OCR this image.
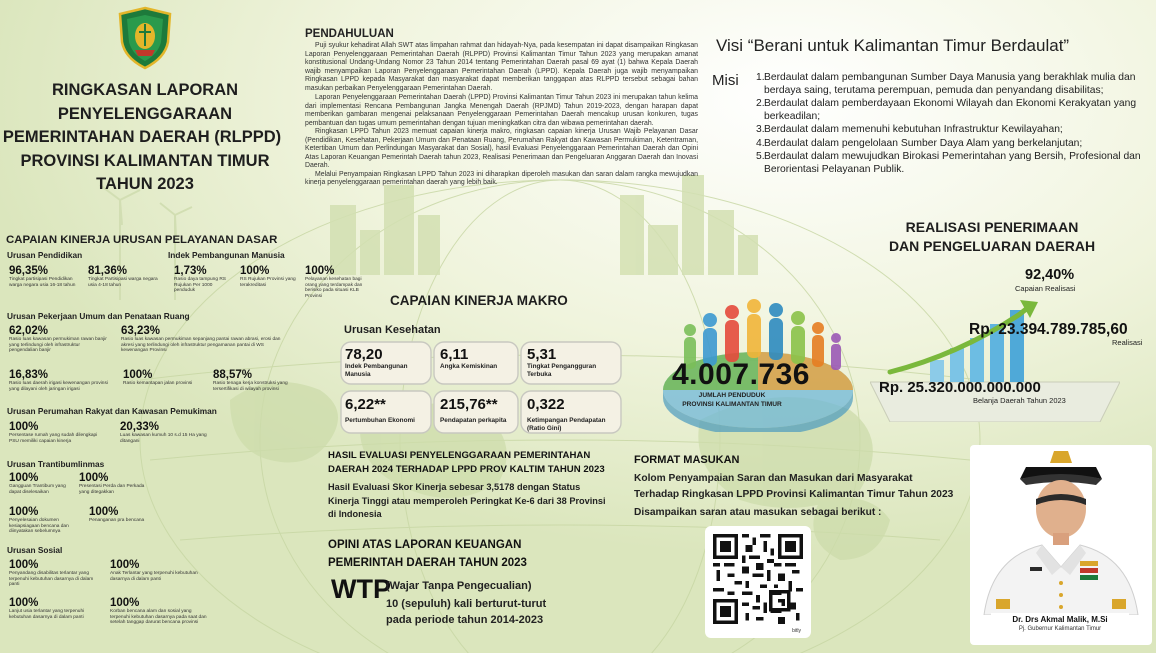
RINGKASAN LAPORAN
PENYELENGGARAAN
PEMERINTAHAN DAERAH (RLPPD)
PROVINSI KALIMANTAN TIMUR
TAHUN 2023
CAPAIAN KINERJA URUSAN PELAYANAN DASAR
Urusan Pendidikan	Indek Pembangunan Manusia
96,35%
Tingkat partisipasi Pendidikan warga negara usia 16-18 tahun
81,36%
Tingkat Partisipasi warga negara usia 4-18 tahun
1,73%
Rasio daya tampung RS Rujukan Per 1000 penduduk
100%
RS Rujukan Provinsi yang terakreditasi
100%
Pelayanan kesehatan bagi orang yang terdampak dan berisiko pada situasi KLB Provinsi
Urusan Pekerjaan Umum dan Penataan Ruang
62,02%
Rasio luas kawasan permukiman rawan banjir yang terlindungi oleh infrastruktur pengendalian banjir
63,23%
Rasio luas kawasan permukiman sepanjang pantai rawan abrasi, erosi dan akresi yang terlindungi oleh infrastruktur pengamanan pantai di WS kewenangan Provinsi
16,83%
Rasio luas daerah irigasi kewenangan provinsi yang dilayani oleh jaringan irigasi
100%
Rasio kemantapan jalan provinsi
88,57%
Rasio tenaga kerja konstruksi yang tersertifikasi di wilayah provinsi
Urusan Perumahan Rakyat dan Kawasan Pemukiman
100%
Persentase rumah yang sudah dilengkapi PSU memiliki capaian kinerja
20,33%
Luas kawasan kumuh 10 s.d 15 Ha yang ditangani
Urusan Trantibumlinmas
100%
Gangguan Trantibum yang dapat diselesaikan
100%
Presentasi Perda dan Perkada yang ditegakkan
100%
Penyelesaian dokumen kesiapsiagaan bencana dan diinyatakan sebelumnya
100%
Penanganan pra bencana
Urusan Sosial
100%
Penyandang disabilitas terlantar yang terpenuhi kebutuhan dasarnya di dalam panti
100%
Anak Terlantar yang terpenuhi kebutuhan dasarnya di dalam panti
100%
Lanjut usia terlantar yang terpenuhi kebutuhan dasarnya di dalam panti
100%
Korban bencana alam dan sosial yang terpenuhi kebutuhan dasarnya pada saat dan setelah tanggap darurat bencana provinsi
PENDAHULUAN

Puji syukur kehadirat Allah SWT atas limpahan rahmat dan hidayah-Nya, pada kesempatan ini dapat disampaikan Ringkasan Laporan Penyelenggaraan Pemerintahan Daerah (RLPPD) Provinsi Kalimantan Timur Tahun 2023 yang merupakan amanat konstitusional Undang-Undang Nomor 23 Tahun 2014 tentang Pemerintahan Daerah pasal 69 ayat (1) bahwa Kepala Daerah wajib menyampaikan Laporan Penyelenggaraan Pemerintahan Daerah (LPPD). Kepala Daerah juga wajib menyampaikan Ringkasan LPPD kepada Masyarakat dan masyarakat dapat memberikan tanggapan atas RLPPD tersebut sebagai bahan masukan perbaikan Penyelenggaraan Pemerintahan Daerah.

Laporan Penyelenggaraan Pemerintahan Daerah (LPPD) Provinsi Kalimantan Timur Tahun 2023 ini merupakan tahun kelima dari implementasi Rencana Pembangunan Jangka Menengah Daerah (RPJMD) Tahun 2019-2023, dengan harapan dapat memberikan gambaran mengenai pelaksanaan Penyelenggaraan Pemerintahan Daerah mencakup urusan konkuren, tugas pembantuan dan tugas umum pemerintahan dengan tujuan meningkatkan citra dan wibawa pemerintahan daerah.

Ringkasan LPPD Tahun 2023 memuat capaian kinerja makro, ringkasan capaian kinerja Urusan Wajib Pelayanan Dasar (Pendidikan, Kesehatan, Pekerjaan Umum dan Penataan Ruang, Perumahan Rakyat dan Kawasan Permukiman, Ketentraman, Ketertiban Umum dan Perlindungan Masyarakat dan Sosial), hasil Evaluasi Penyelenggaraan Pemerintahan Daerah dan Opini Atas Laporan Keuangan Pemerintah Daerah tahun 2023, Realisasi Penerimaan dan Pengeluaran Anggaran Daerah dan Inovasi Daerah.

Melalui Penyampaian Ringkasan LPPD Tahun 2023 ini diharapkan diperoleh masukan dan saran dalam rangka mewujudkan kinerja penyelenggaraan pemerintahan daerah yang lebih baik.

CAPAIAN KINERJA MAKRO
Urusan Kesehatan
78,20
Indek Pembangunan Manusia
6,11
Angka Kemiskinan
5,31
Tingkat Pengangguran Terbuka
6,22**
Pertumbuhan Ekonomi
215,76**
Pendapatan perkapita
0,322
Ketimpangan Pendapatan (Ratio Gini)
4.007.736
JUMLAH PENDUDUK
PROVINSI KALIMANTAN TIMUR
HASIL EVALUASI PENYELENGGARAAN PEMERINTAHAN
DAERAH 2024 TERHADAP LPPD PROV KALTIM TAHUN 2023
Hasil Evaluasi Skor Kinerja sebesar 3,5178 dengan Status
Kinerja Tinggi atau memperoleh Peringkat Ke-6 dari 38 Provinsi
di Indonesia
OPINI ATAS LAPORAN KEUANGAN
PEMERINTAH DAERAH TAHUN 2023
WTP
(Wajar Tanpa Pengecualian)
10 (sepuluh) kali berturut-turut
pada periode tahun 2014-2023
Visi “Berani untuk Kalimantan Timur Berdaulat”
Misi 1. Berdaulat dalam pembangunan Sumber Daya Manusia yang berakhlak mulia dan berdaya saing, terutama perempuan, pemuda dan penyandang disabilitas;
2. Berdaulat dalam pemberdayaan Ekonomi Wilayah dan Ekonomi Kerakyatan yang berkeadilan;
3. Berdaulat dalam memenuhi kebutuhan Infrastruktur Kewilayahan;
4. Berdaulat dalam pengelolaan Sumber Daya Alam yang berkelanjutan;
5. Berdaulat dalam mewujudkan Birokasi Pemerintahan yang Bersih, Profesional dan Berorientasi Pelayanan Publik.
REALISASI PENERIMAAN
DAN PENGELUARAN DAERAH
92,40%
Capaian Realisasi
Rp. 23.394.789.785,60
Realisasi
Rp. 25.320.000.000.000
Belanja Daerah Tahun 2023
FORMAT MASUKAN
Kolom Penyampaian Saran dan Masukan dari Masyarakat
Terhadap Ringkasan LPPD Provinsi Kalimantan Timur Tahun 2023
Disampaikan saran atau masukan sebagai berikut :
bitly
Dr. Drs Akmal Malik, M.Si
Pj. Gubernur Kalimantan Timur
